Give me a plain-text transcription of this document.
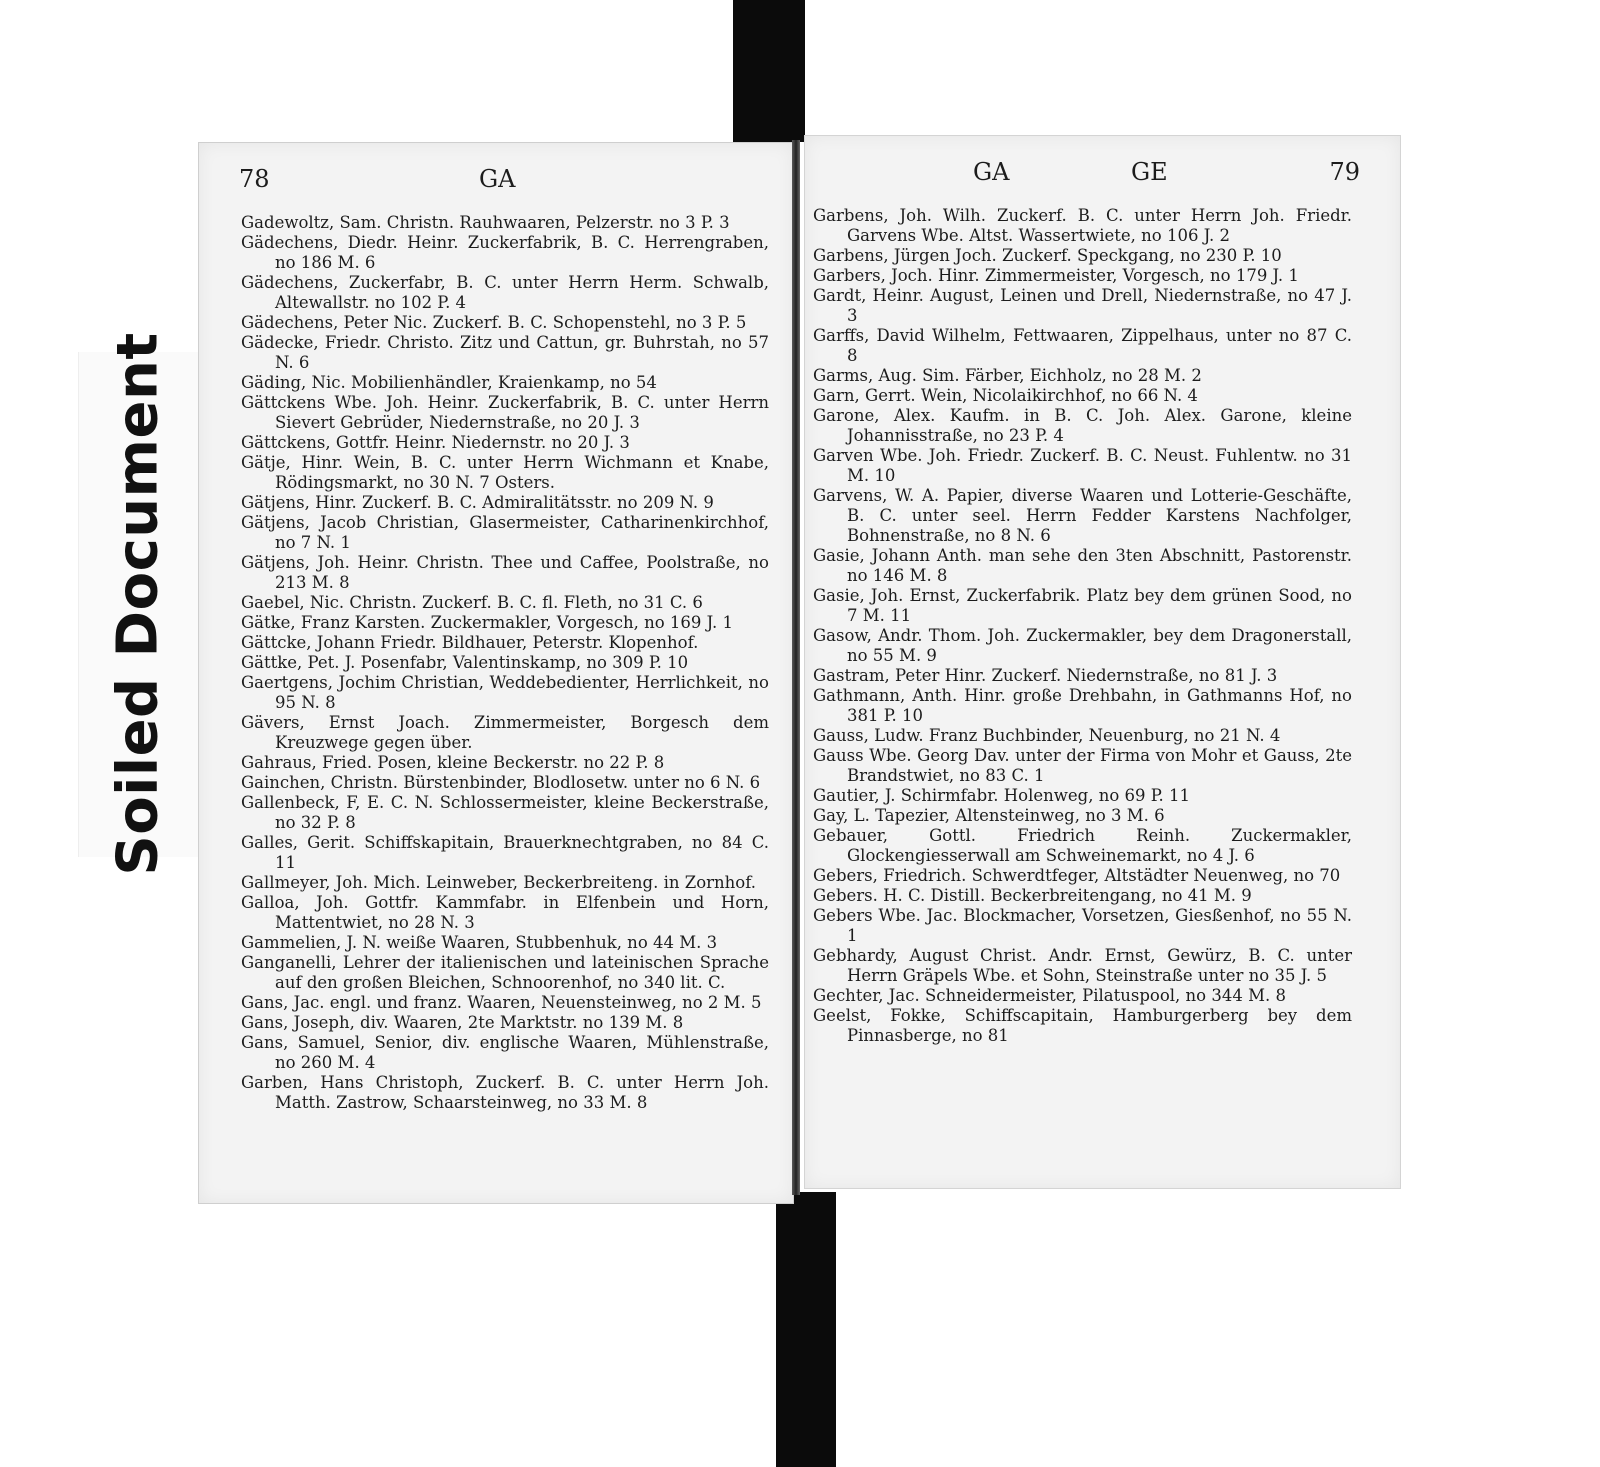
Soiled Document
78	GA

Gadewoltz, Sam. Christn. Rauhwaaren, Pelzerstr. no 3 P. 3

Gädechens, Diedr. Heinr. Zuckerfabrik, B. C. Herrengraben, no 186 M. 6

Gädechens, Zuckerfabr, B. C. unter Herrn Herm. Schwalb, Altewallstr. no 102 P. 4

Gädechens, Peter Nic. Zuckerf. B. C. Schopenstehl, no 3 P. 5

Gädecke, Friedr. Christo. Zitz und Cattun, gr. Buhrstah, no 57 N. 6

Gäding, Nic. Mobilienhändler, Kraienkamp, no 54

Gättckens Wbe. Joh. Heinr. Zuckerfabrik, B. C. unter Herrn Sievert Gebrüder, Niedernstraße, no 20 J. 3

Gättckens, Gottfr. Heinr. Niedernstr. no 20 J. 3

Gätje, Hinr. Wein, B. C. unter Herrn Wichmann et Knabe, Rödingsmarkt, no 30 N. 7 Osters.

Gätjens, Hinr. Zuckerf. B. C. Admiralitätsstr. no 209 N. 9

Gätjens, Jacob Christian, Glasermeister, Catharinenkirchhof, no 7 N. 1

Gätjens, Joh. Heinr. Christn. Thee und Caffee, Poolstraße, no 213 M. 8

Gaebel, Nic. Christn. Zuckerf. B. C. fl. Fleth, no 31 C. 6

Gätke, Franz Karsten. Zuckermakler, Vorgesch, no 169 J. 1

Gättcke, Johann Friedr. Bildhauer, Peterstr. Klopenhof.

Gättke, Pet. J. Posenfabr, Valentinskamp, no 309 P. 10

Gaertgens, Jochim Christian, Weddebedienter, Herrlichkeit, no 95 N. 8

Gävers, Ernst Joach. Zimmermeister, Borgesch dem Kreuzwege gegen über.

Gahraus, Fried. Posen, kleine Beckerstr. no 22 P. 8

Gainchen, Christn. Bürstenbinder, Blodlosetw. unter no 6 N. 6

Gallenbeck, F, E. C. N. Schlossermeister, kleine Beckerstraße, no 32 P. 8

Galles, Gerit. Schiffskapitain, Brauerknechtgraben, no 84 C. 11

Gallmeyer, Joh. Mich. Leinweber, Beckerbreiteng. in Zornhof.

Galloa, Joh. Gottfr. Kammfabr. in Elfenbein und Horn, Mattentwiet, no 28 N. 3

Gammelien, J. N. weiße Waaren, Stubbenhuk, no 44 M. 3

Ganganelli, Lehrer der italienischen und lateinischen Sprache auf den großen Bleichen, Schnoorenhof, no 340 lit. C.

Gans, Jac. engl. und franz. Waaren, Neuensteinweg, no 2 M. 5

Gans, Joseph, div. Waaren, 2te Marktstr. no 139 M. 8

Gans, Samuel, Senior, div. englische Waaren, Mühlenstraße, no 260 M. 4

Garben, Hans Christoph, Zuckerf. B. C. unter Herrn Joh. Matth. Zastrow, Schaarsteinweg, no 33 M. 8

GA	GE	79

Garbens, Joh. Wilh. Zuckerf. B. C. unter Herrn Joh. Friedr. Garvens Wbe. Altst. Wassertwiete, no 106 J. 2

Garbens, Jürgen Joch. Zuckerf. Speckgang, no 230 P. 10

Garbers, Joch. Hinr. Zimmermeister, Vorgesch, no 179 J. 1

Gardt, Heinr. August, Leinen und Drell, Niedernstraße, no 47 J. 3

Garffs, David Wilhelm, Fettwaaren, Zippelhaus, unter no 87 C. 8

Garms, Aug. Sim. Färber, Eichholz, no 28 M. 2

Garn, Gerrt. Wein, Nicolaikirchhof, no 66 N. 4

Garone, Alex. Kaufm. in B. C. Joh. Alex. Garone, kleine Johannisstraße, no 23 P. 4

Garven Wbe. Joh. Friedr. Zuckerf. B. C. Neust. Fuhlentw. no 31 M. 10

Garvens, W. A. Papier, diverse Waaren und Lotterie-Geschäfte, B. C. unter seel. Herrn Fedder Karstens Nachfolger, Bohnenstraße, no 8 N. 6

Gasie, Johann Anth. man sehe den 3ten Abschnitt, Pastorenstr. no 146 M. 8

Gasie, Joh. Ernst, Zuckerfabrik. Platz bey dem grünen Sood, no 7 M. 11

Gasow, Andr. Thom. Joh. Zuckermakler, bey dem Dragonerstall, no 55 M. 9

Gastram, Peter Hinr. Zuckerf. Niedernstraße, no 81 J. 3

Gathmann, Anth. Hinr. große Drehbahn, in Gathmanns Hof, no 381 P. 10

Gauss, Ludw. Franz Buchbinder, Neuenburg, no 21 N. 4

Gauss Wbe. Georg Dav. unter der Firma von Mohr et Gauss, 2te Brandstwiet, no 83 C. 1

Gautier, J. Schirmfabr. Holenweg, no 69 P. 11

Gay, L. Tapezier, Altensteinweg, no 3 M. 6

Gebauer, Gottl. Friedrich Reinh. Zuckermakler, Glockengiesserwall am Schweinemarkt, no 4 J. 6

Gebers, Friedrich. Schwerdtfeger, Altstädter Neuenweg, no 70

Gebers. H. C. Distill. Beckerbreitengang, no 41 M. 9

Gebers Wbe. Jac. Blockmacher, Vorsetzen, Giesßenhof, no 55 N. 1

Gebhardy, August Christ. Andr. Ernst, Gewürz, B. C. unter Herrn Gräpels Wbe. et Sohn, Steinstraße unter no 35 J. 5

Gechter, Jac. Schneidermeister, Pilatuspool, no 344 M. 8

Geelst, Fokke, Schiffscapitain, Hamburgerberg bey dem Pinnasberge, no 81
